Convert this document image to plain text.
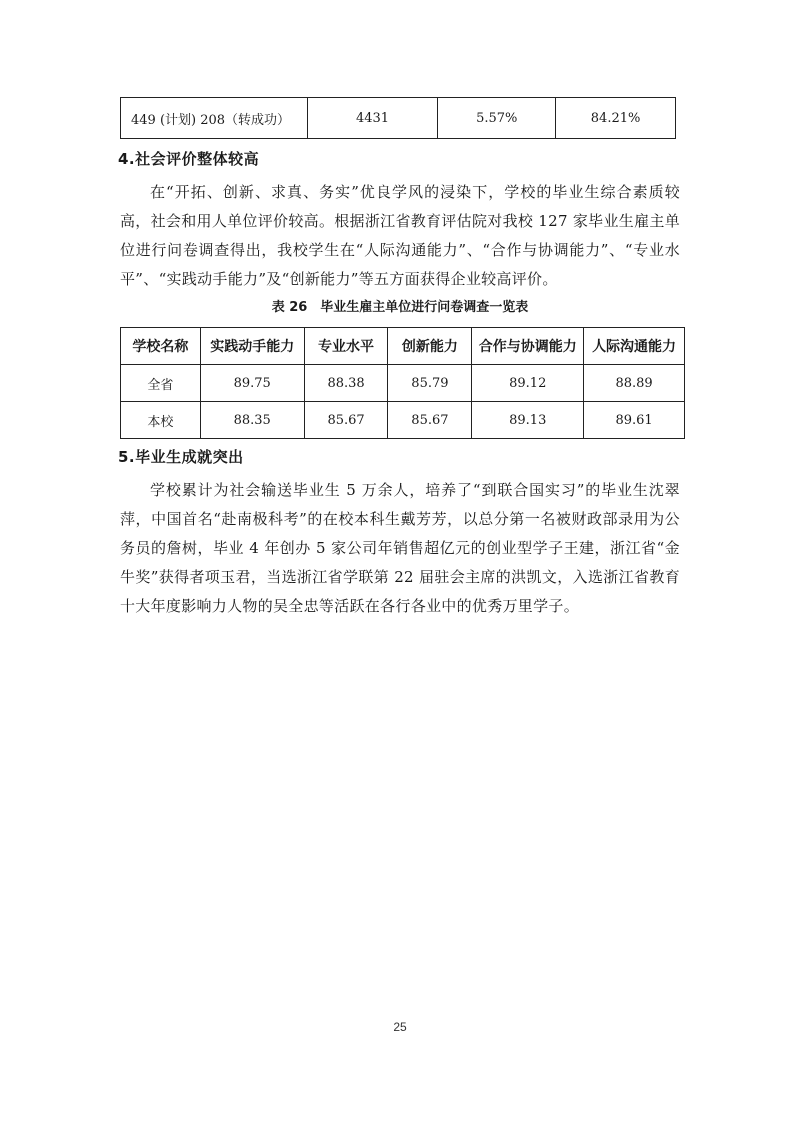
449 (计划) 208（转成功）	4431	5.57%	84.21%
4.社会评价整体较高

在“开拓、创新、求真、务实”优良学风的浸染下，学校的毕业生综合素质较高，社会和用人单位评价较高。根据浙江省教育评估院对我校 127 家毕业生雇主单位进行问卷调查得出，我校学生在“人际沟通能力”、“合作与协调能力”、“专业水平”、“实践动手能力”及“创新能力”等五方面获得企业较高评价。

表 26　毕业生雇主单位进行问卷调查一览表

学校名称	实践动手能力	专业水平	创新能力	合作与协调能力	人际沟通能力
全省	89.75	88.38	85.79	89.12	88.89
本校	88.35	85.67	85.67	89.13	89.61
5.毕业生成就突出

学校累计为社会输送毕业生 5 万余人，培养了“到联合国实习”的毕业生沈翠萍，中国首名“赴南极科考”的在校本科生戴芳芳，以总分第一名被财政部录用为公务员的詹树，毕业 4 年创办 5 家公司年销售超亿元的创业型学子王建，浙江省“金牛奖”获得者项玉君，当选浙江省学联第 22 届驻会主席的洪凯文，入选浙江省教育十大年度影响力人物的吴全忠等活跃在各行各业中的优秀万里学子。

25
